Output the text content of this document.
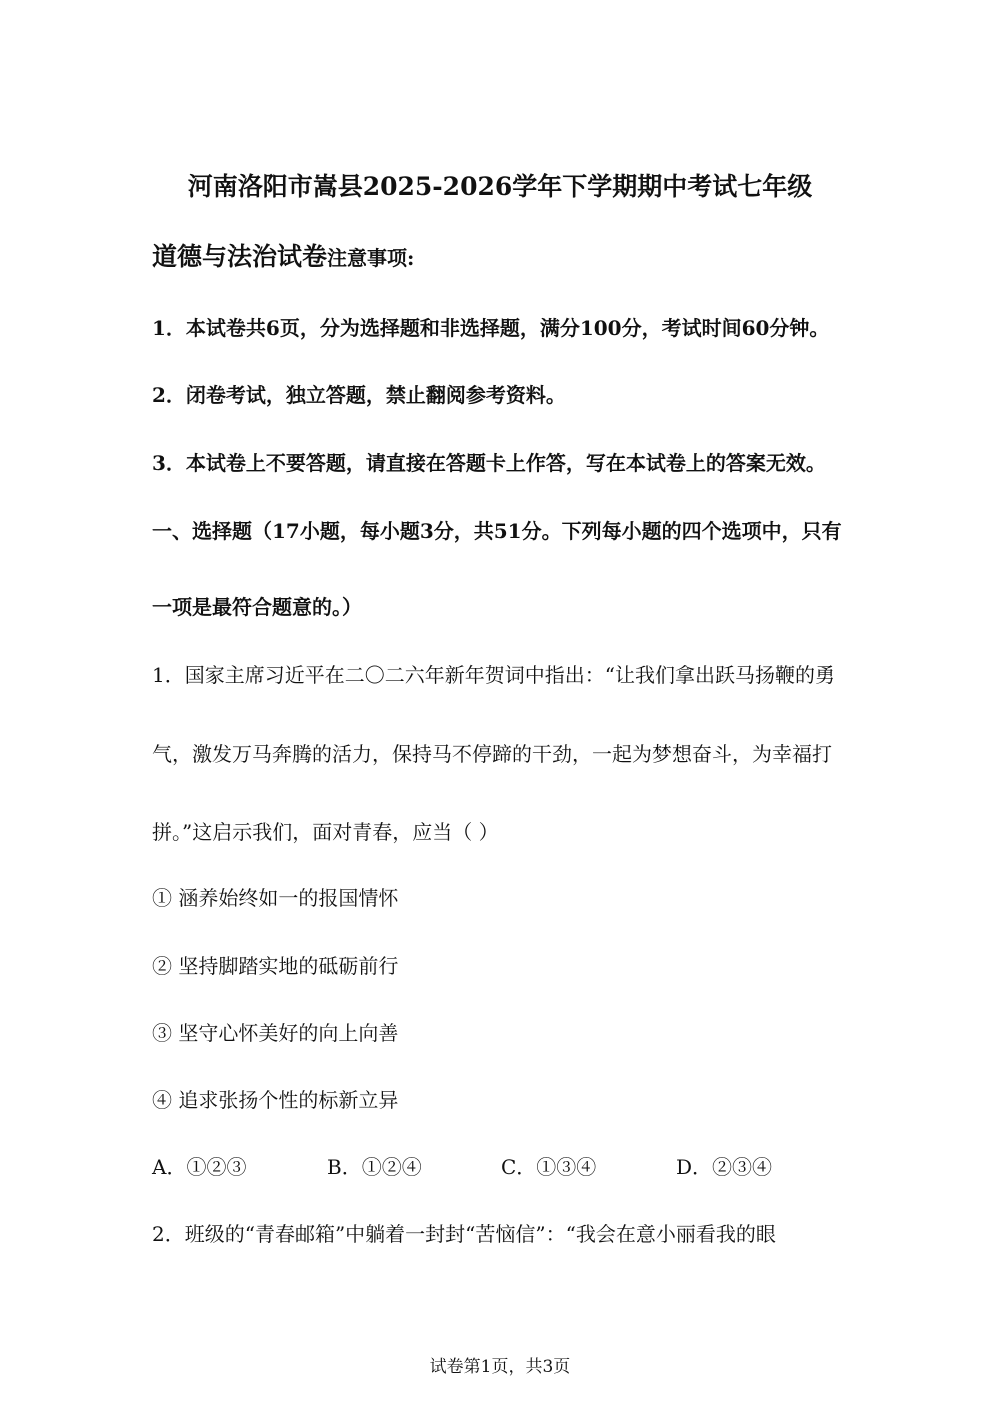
河南洛阳市嵩县2025-2026学年下学期期中考试七年级
道德与法治试卷注意事项:
1．本试卷共6页，分为选择题和非选择题，满分100分，考试时间60分钟。
2．闭卷考试，独立答题，禁止翻阅参考资料。
3．本试卷上不要答题，请直接在答题卡上作答，写在本试卷上的答案无效。
一、选择题（17小题，每小题3分，共51分。下列每小题的四个选项中，只有
一项是最符合题意的。）
1．国家主席习近平在二〇二六年新年贺词中指出：“让我们拿出跃马扬鞭的勇
气，激发万马奔腾的活力，保持马不停蹄的干劲，一起为梦想奋斗，为幸福打
拼。”这启示我们，面对青春，应当（ ）
① 涵养始终如一的报国情怀
② 坚持脚踏实地的砥砺前行
③ 坚守心怀美好的向上向善
④ 追求张扬个性的标新立异
A．①②③	B．①②④	C．①③④	D．②③④
2．班级的“青春邮箱”中躺着一封封“苦恼信”：“我会在意小丽看我的眼
试卷第1页，共3页
